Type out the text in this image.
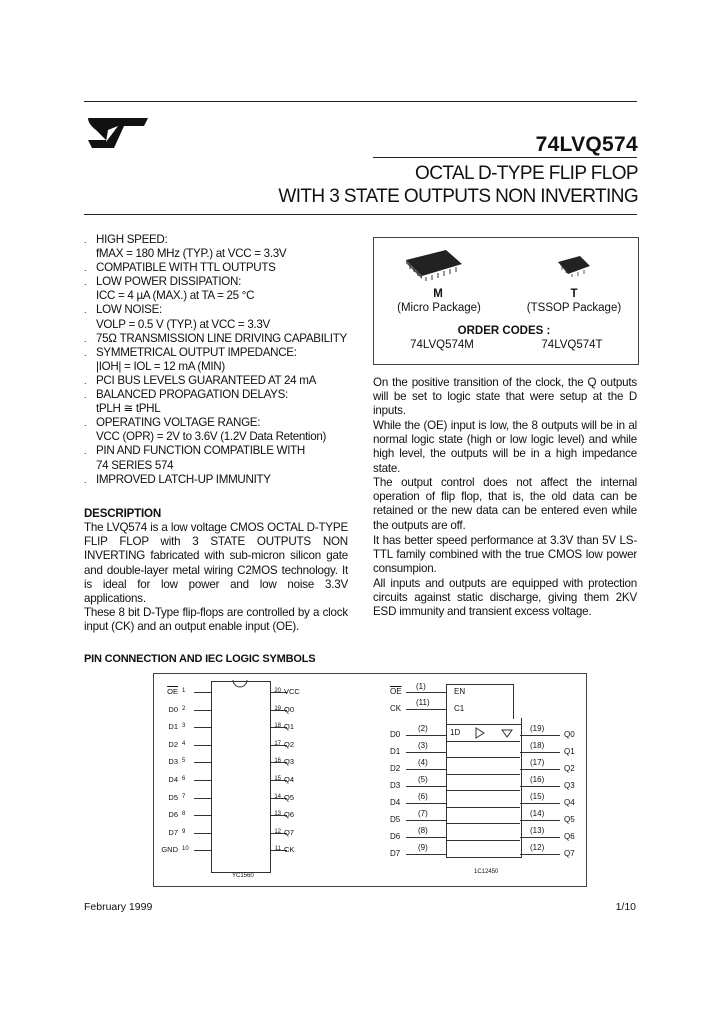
74LVQ574
OCTAL D-TYPE FLIP FLOP
WITH 3 STATE OUTPUTS NON INVERTING
. HIGH SPEED:
fMAX = 180 MHz (TYP.) at VCC = 3.3V
. COMPATIBLE WITH TTL OUTPUTS
. LOW POWER DISSIPATION:
ICC = 4 µA (MAX.) at TA = 25 °C
. LOW NOISE:
VOLP = 0.5 V (TYP.) at VCC = 3.3V
. 75Ω TRANSMISSION LINE DRIVING CAPABILITY
. SYMMETRICAL OUTPUT IMPEDANCE:
|IOH| = IOL = 12 mA (MIN)
. PCI BUS LEVELS GUARANTEED AT 24 mA
. BALANCED PROPAGATION DELAYS:
tPLH ≅ tPHL
. OPERATING VOLTAGE RANGE:
VCC (OPR) = 2V to 3.6V (1.2V Data Retention)
. PIN AND FUNCTION COMPATIBLE WITH
74 SERIES 574
. IMPROVED LATCH-UP IMMUNITY
DESCRIPTION
The LVQ574 is a low voltage CMOS OCTAL D-TYPE FLIP FLOP with 3 STATE OUTPUTS NON INVERTING fabricated with sub-micron silicon gate and double-layer metal wiring C2MOS technology. It is ideal for low power and low noise 3.3V applications.
These 8 bit D-Type flip-flops are controlled by a clock input (CK) and an output enable input (OE).
M
(Micro Package)
T
(TSSOP Package)
ORDER CODES :
74LVQ574M	74LVQ574T
On the positive transition of the clock, the Q outputs will be set to logic state that were setup at the D inputs.
While the (OE) input is low, the 8 outputs will be in al normal logic state (high or low logic level) and while high level, the outputs will be in a high impedance state.
The output control does not affect the internal operation of flip flop, that is, the old data can be retained or the new data can be entered even while the outputs are off.
It has better speed performance at 3.3V than 5V LS-TTL family combined with the true CMOS low power consumpion.
All inputs and outputs are equipped with protection circuits against static discharge, giving them 2KV ESD immunity and transient excess voltage.
PIN CONNECTION AND IEC LOGIC SYMBOLS
$\overline{OE}$ 1
D0 2
D1 3
D2 4
D3 5
D4 6
D5 7
D6 8
D7 9
GND 10
20 VCC
19 Q0
18 Q1
17 Q2
16 Q3
15 Q4
14 Q5
13 Q6
12 Q7
11 CK
YC1560
D0
(2)
D1
(3)
D2
(4)
D3
(5)
D4
(6)
D5
(7)
D6
(8)
D7
(9)
(19)
Q0
(18)
Q1
(17)
Q2
(16)
Q3
(15)
Q4
(14)
Q5
(13)
Q6
(12)
Q7
$\overline{OE}$
(1)
CK
(11)
EN
C1
1D
1C12450
February 1999	1/10
